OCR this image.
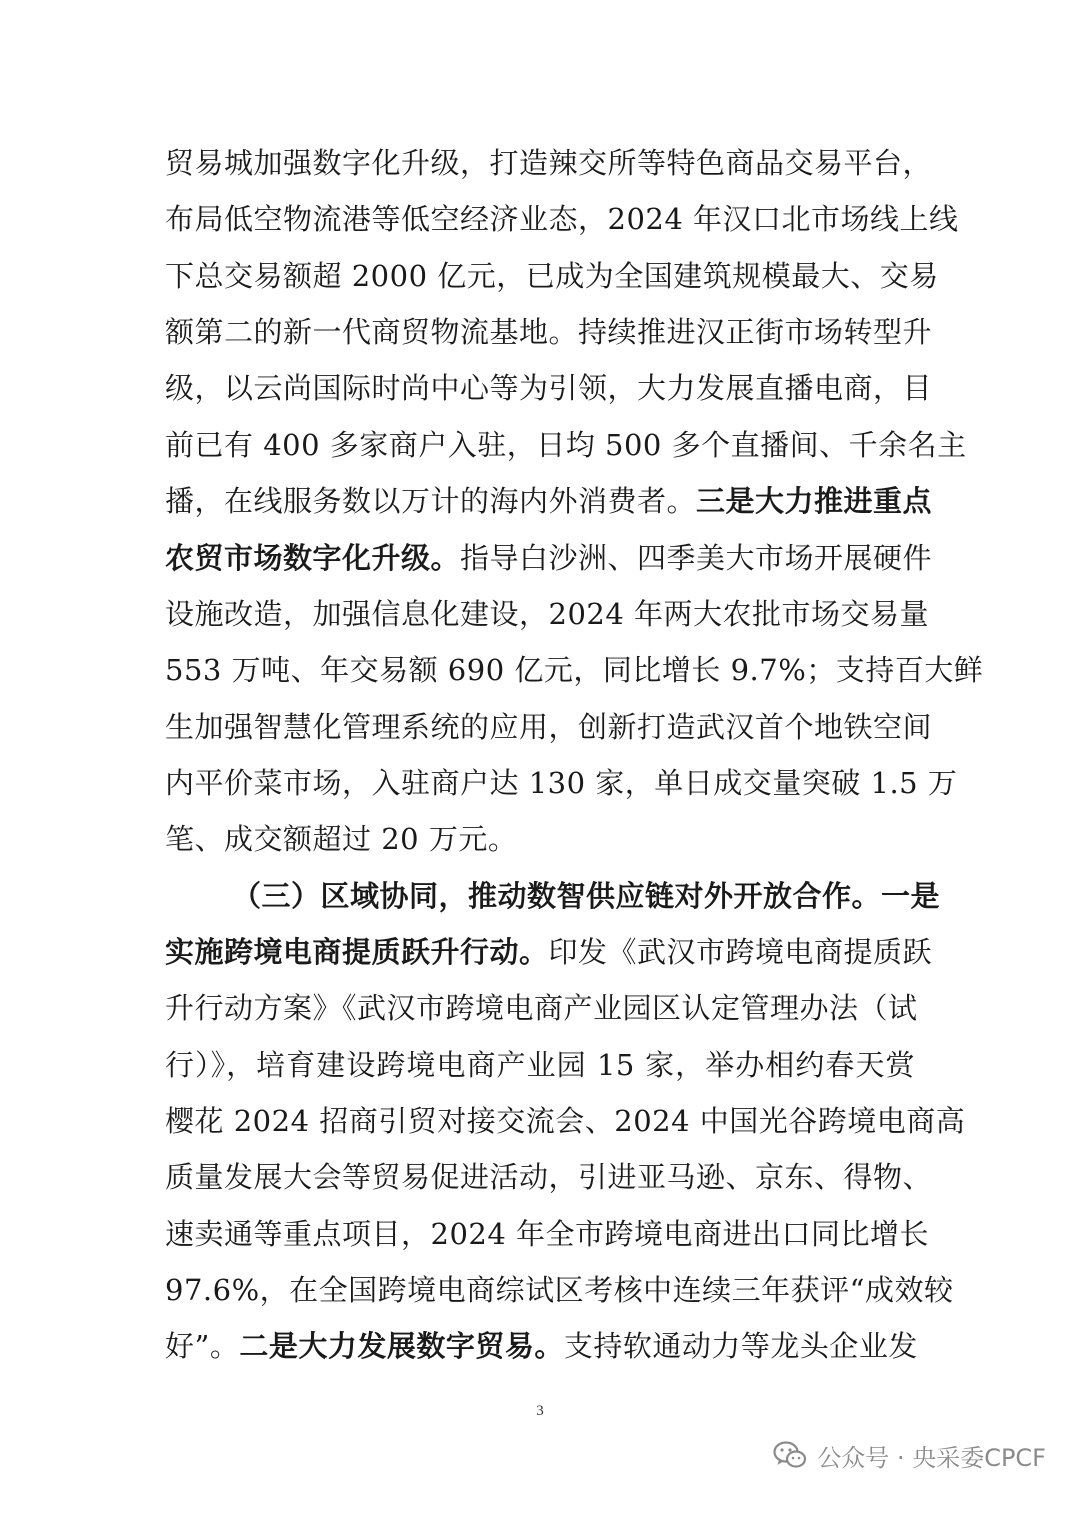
贸易城加强数字化升级，打造辣交所等特色商品交易平台，
布局低空物流港等低空经济业态，2024 年汉口北市场线上线
下总交易额超 2000 亿元，已成为全国建筑规模最大、交易
额第二的新一代商贸物流基地。持续推进汉正街市场转型升
级，以云尚国际时尚中心等为引领，大力发展直播电商，目
前已有 400 多家商户入驻，日均 500 多个直播间、千余名主
播，在线服务数以万计的海内外消费者。三是大力推进重点
农贸市场数字化升级。指导白沙洲、四季美大市场开展硬件
设施改造，加强信息化建设，2024 年两大农批市场交易量
553 万吨、年交易额 690 亿元，同比增长 9.7%；支持百大鲜
生加强智慧化管理系统的应用，创新打造武汉首个地铁空间
内平价菜市场，入驻商户达 130 家，单日成交量突破 1.5 万
笔、成交额超过 20 万元。
（三）区域协同，推动数智供应链对外开放合作。一是
实施跨境电商提质跃升行动。印发《武汉市跨境电商提质跃
升行动方案》《武汉市跨境电商产业园区认定管理办法（试
行）》，培育建设跨境电商产业园 15 家，举办相约春天赏
樱花 2024 招商引贸对接交流会、2024 中国光谷跨境电商高
质量发展大会等贸易促进活动，引进亚马逊、京东、得物、
速卖通等重点项目，2024 年全市跨境电商进出口同比增长
97.6%，在全国跨境电商综试区考核中连续三年获评“成效较
好”。二是大力发展数字贸易。支持软通动力等龙头企业发
3
公众号 · 央采委CPCF
